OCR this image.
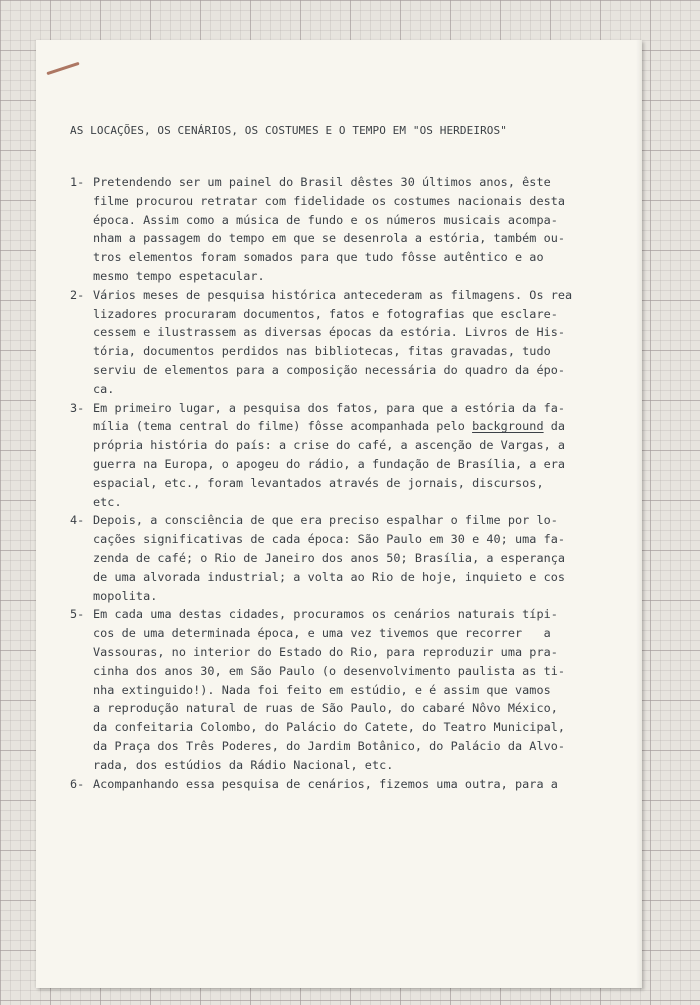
AS LOCAÇÕES, OS CENÁRIOS, OS COSTUMES E O TEMPO EM "OS HERDEIROS"
1- Pretendendo ser um painel do Brasil dêstes 30 últimos anos, êste
filme procurou retratar com fidelidade os costumes nacionais desta
época. Assim como a música de fundo e os números musicais acompa-
nham a passagem do tempo em que se desenrola a estória, também ou-
tros elementos foram somados para que tudo fôsse autêntico e ao
mesmo tempo espetacular.
2- Vários meses de pesquisa histórica antecederam as filmagens. Os rea
lizadores procuraram documentos, fatos e fotografias que esclare-
cessem e ilustrassem as diversas épocas da estória. Livros de His-
tória, documentos perdidos nas bibliotecas, fitas gravadas, tudo
serviu de elementos para a composição necessária do quadro da épo-
ca.
3- Em primeiro lugar, a pesquisa dos fatos, para que a estória da fa-
mília (tema central do filme) fôsse acompanhada pelo background da
própria história do país: a crise do café, a ascenção de Vargas, a
guerra na Europa, o apogeu do rádio, a fundação de Brasília, a era
espacial, etc., foram levantados através de jornais, discursos,
etc.
4- Depois, a consciência de que era preciso espalhar o filme por lo-
cações significativas de cada época: São Paulo em 30 e 40; uma fa-
zenda de café; o Rio de Janeiro dos anos 50; Brasília, a esperança
de uma alvorada industrial; a volta ao Rio de hoje, inquieto e cos
mopolita.
5- Em cada uma destas cidades, procuramos os cenários naturais típi-
cos de uma determinada época, e uma vez tivemos que recorrer   a
Vassouras, no interior do Estado do Rio, para reproduzir uma pra-
cinha dos anos 30, em São Paulo (o desenvolvimento paulista as ti-
nha extinguido!). Nada foi feito em estúdio, e é assim que vamos
a reprodução natural de ruas de São Paulo, do cabaré Nôvo México,
da confeitaria Colombo, do Palácio do Catete, do Teatro Municipal,
da Praça dos Três Poderes, do Jardim Botânico, do Palácio da Alvo-
rada, dos estúdios da Rádio Nacional, etc.
6- Acompanhando essa pesquisa de cenários, fizemos uma outra, para a
